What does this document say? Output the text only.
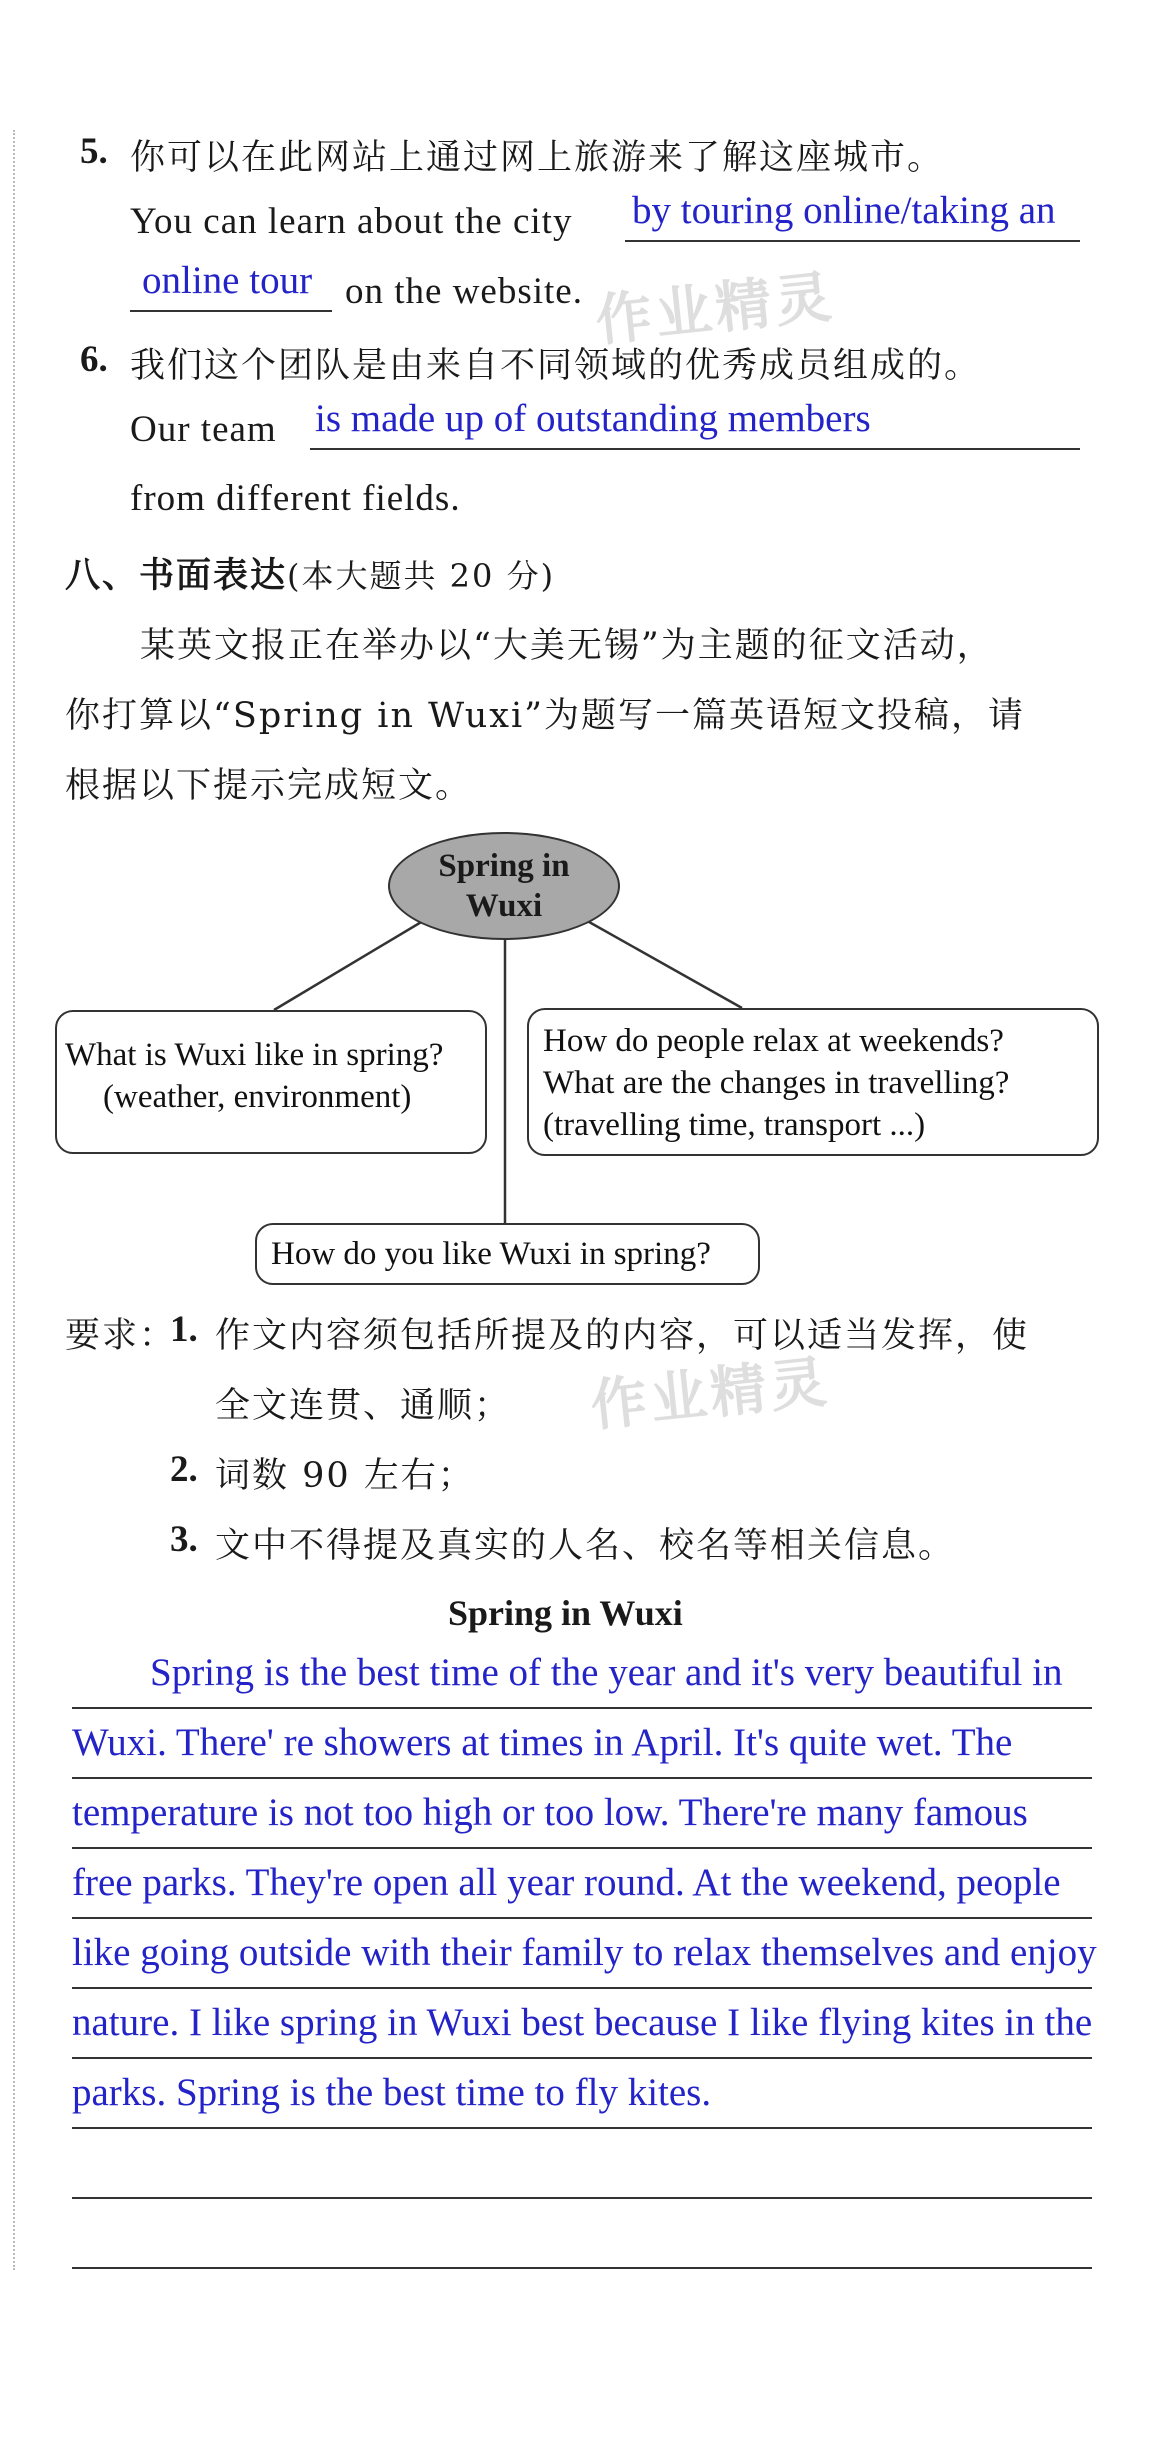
5. 你可以在此网站上通过网上旅游来了解这座城市。
You can learn about the city by touring online/taking an
online tour on the website.
6. 我们这个团队是由来自不同领域的优秀成员组成的。
Our team is made up of outstanding members
from different fields.
八、书面表达(本大题共 20 分)
某英文报正在举办以“大美无锡”为主题的征文活动，
你打算以“Spring in Wuxi”为题写一篇英语短文投稿，请
根据以下提示完成短文。
Spring in
Wuxi
What is Wuxi like in spring?
(weather, environment)
How do people relax at weekends?
What are the changes in travelling?
(travelling time, transport ...)
How do you like Wuxi in spring?
要求：
1. 作文内容须包括所提及的内容，可以适当发挥，使
全文连贯、通顺；
2. 词数 90 左右；
3. 文中不得提及真实的人名、校名等相关信息。
Spring in Wuxi
Spring is the best time of the year and it's very beautiful in
Wuxi. There' re showers at times in April. It's quite wet. The
temperature is not too high or too low. There're many famous
free parks. They're open all year round. At the weekend, people
like going outside with their family to relax themselves and enjoy
nature. I like spring in Wuxi best because I like flying kites in the
parks. Spring is the best time to fly kites.
作业精灵
作业精灵
